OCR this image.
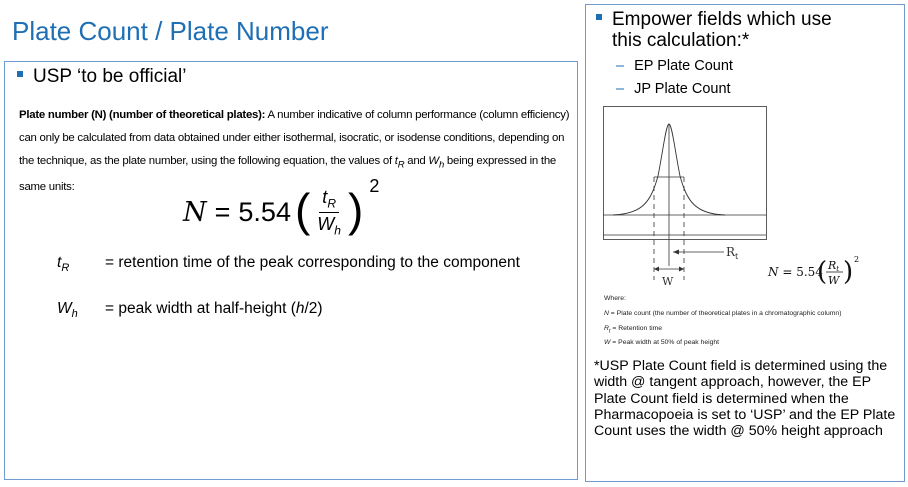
Plate Count / Plate Number
USP ‘to be official’
Plate number (N) (number of theoretical plates): A number indicative of column performance (column efficiency) can only be calculated from data obtained under either isothermal, isocratic, or isodense conditions, depending on the technique, as the plate number, using the following equation, the values of $t_R$ and $W_h$ being expressed in the same units:
N = 5.54 ( $\frac{t_R}{W_h}$ ) 2
$t_R$	= retention time of the peak corresponding to the component
$W_h$	= peak width at half-height (h/2)
Empower fields which use
this calculation:*
– EP Plate Count
– JP Plate Count
$R_t$
W
N = 5.54
( Rt
W ) 2
Where:
N = Plate count (the number of theoretical plates in a chromatographic column)
$R_t$ = Retention time
W = Peak width at 50% of peak height
*USP Plate Count field is determined using the width @ tangent approach, however, the EP Plate Count field is determined when the Pharmacopoeia is set to ‘USP’ and the EP Plate Count uses the width @ 50% height approach
